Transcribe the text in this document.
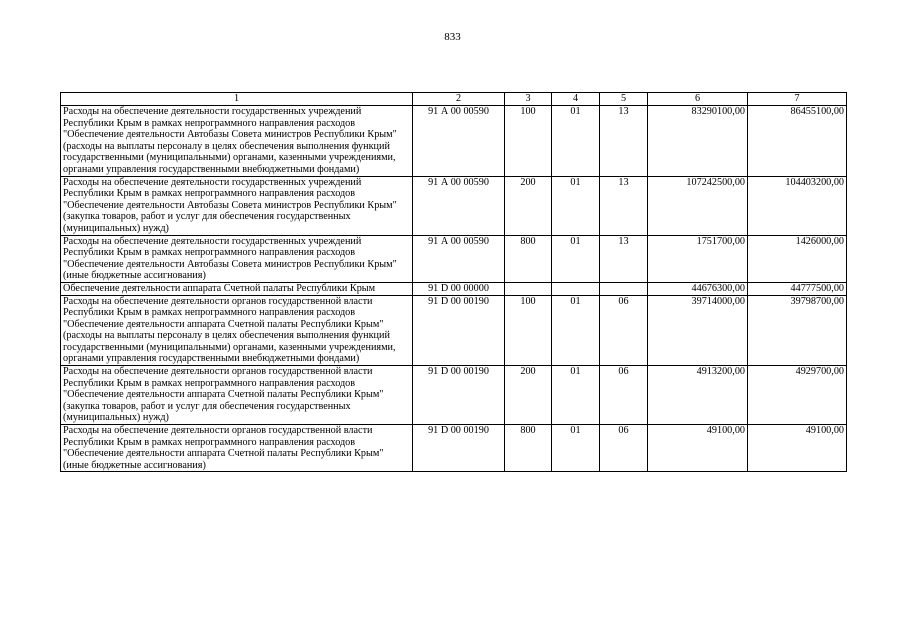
833
1	2	3	4	5	6	7
Расходы на обеспечение деятельности государственных учреждений Республики Крым в рамках непрограммного направления расходов "Обеспечение деятельности Автобазы Совета министров Республики Крым" (расходы на выплаты персоналу в целях обеспечения выполнения функций государственными (муниципальными) органами, казенными учреждениями, органами управления государственными внебюджетными фондами)	91 А 00 00590	100	01	13	83290100,00	86455100,00
Расходы на обеспечение деятельности государственных учреждений Республики Крым в рамках непрограммного направления расходов "Обеспечение деятельности Автобазы Совета министров Республики Крым" (закупка товаров, работ и услуг для обеспечения государственных (муниципальных) нужд)	91 А 00 00590	200	01	13	107242500,00	104403200,00
Расходы на обеспечение деятельности государственных учреждений Республики Крым в рамках непрограммного направления расходов "Обеспечение деятельности Автобазы Совета министров Республики Крым" (иные бюджетные ассигнования)	91 А 00 00590	800	01	13	1751700,00	1426000,00
Обеспечение деятельности аппарата Счетной палаты Республики Крым	91 D 00 00000				44676300,00	44777500,00
Расходы на обеспечение деятельности органов государственной власти Республики Крым в рамках непрограммного направления расходов "Обеспечение деятельности аппарата Счетной палаты Республики Крым" (расходы на выплаты персоналу в целях обеспечения выполнения функций государственными (муниципальными) органами, казенными учреждениями, органами управления государственными внебюджетными фондами)	91 D 00 00190	100	01	06	39714000,00	39798700,00
Расходы на обеспечение деятельности органов государственной власти Республики Крым в рамках непрограммного направления расходов "Обеспечение деятельности аппарата Счетной палаты Республики Крым" (закупка товаров, работ и услуг для обеспечения государственных (муниципальных) нужд)	91 D 00 00190	200	01	06	4913200,00	4929700,00
Расходы на обеспечение деятельности органов государственной власти Республики Крым в рамках непрограммного направления расходов "Обеспечение деятельности аппарата Счетной палаты Республики Крым" (иные бюджетные ассигнования)	91 D 00 00190	800	01	06	49100,00	49100,00
